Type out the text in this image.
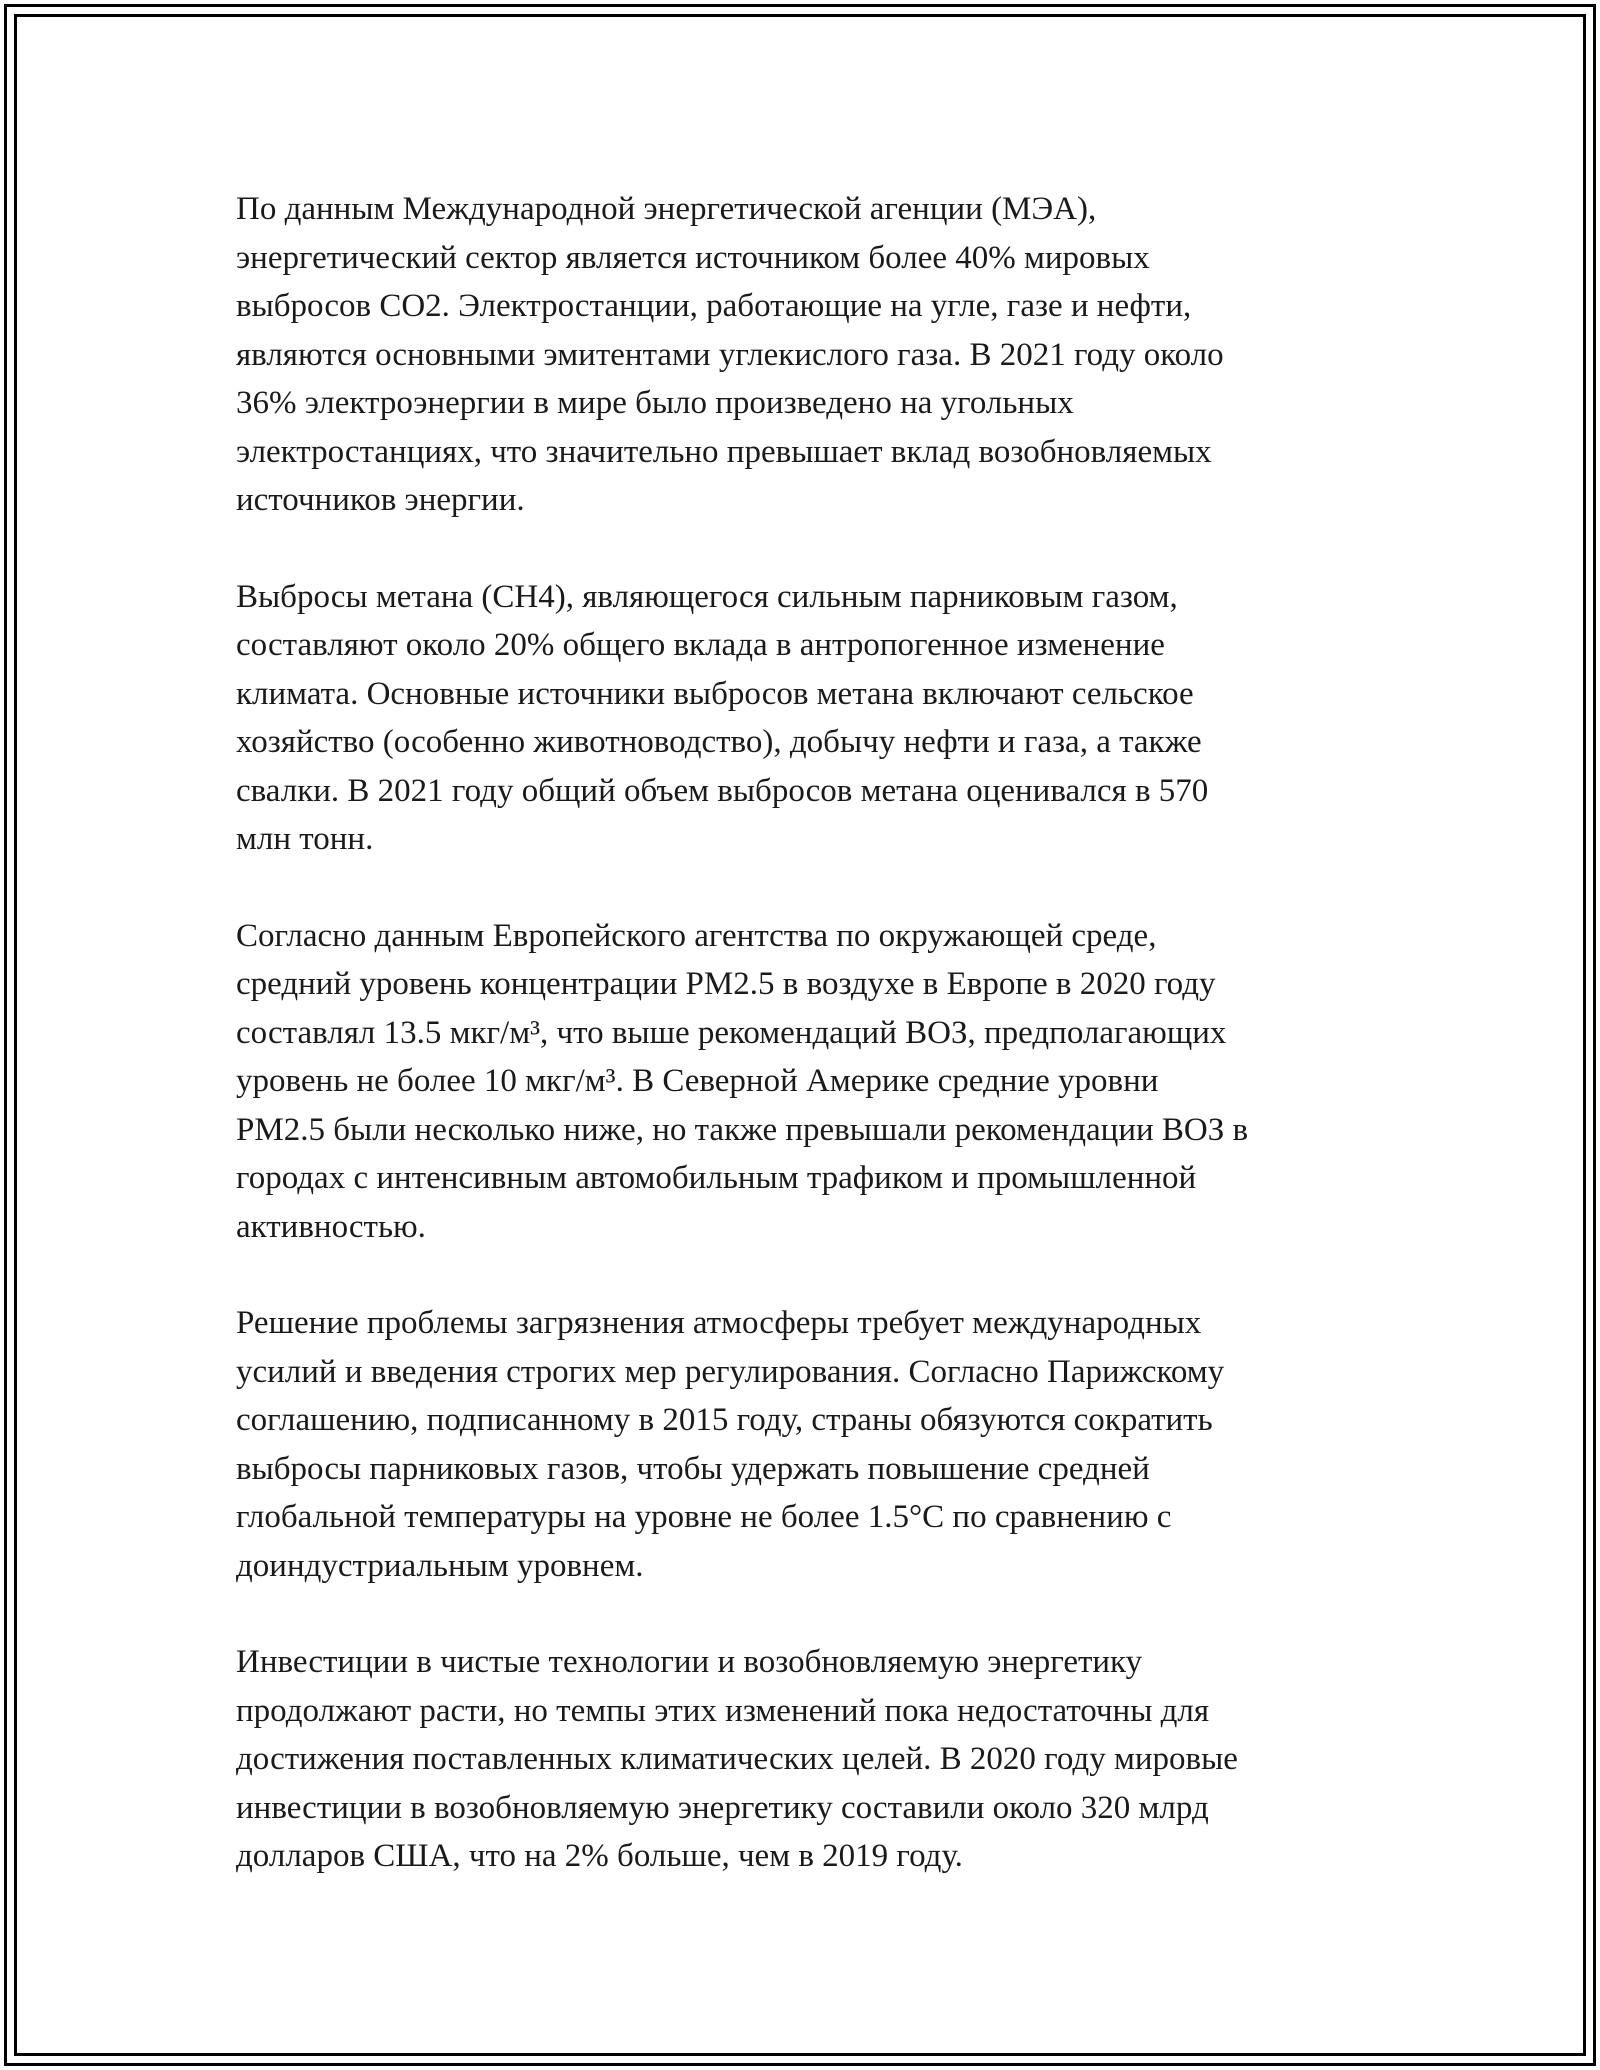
По данным Международной энергетической агенции (МЭА),
энергетический сектор является источником более 40% мировых
выбросов CO2. Электростанции, работающие на угле, газе и нефти,
являются основными эмитентами углекислого газа. В 2021 году около
36% электроэнергии в мире было произведено на угольных
электростанциях, что значительно превышает вклад возобновляемых
источников энергии.

Выбросы метана (CH4), являющегося сильным парниковым газом,
составляют около 20% общего вклада в антропогенное изменение
климата. Основные источники выбросов метана включают сельское
хозяйство (особенно животноводство), добычу нефти и газа, а также
свалки. В 2021 году общий объем выбросов метана оценивался в 570
млн тонн.

Согласно данным Европейского агентства по окружающей среде,
средний уровень концентрации PM2.5 в воздухе в Европе в 2020 году
составлял 13.5 мкг/м³, что выше рекомендаций ВОЗ, предполагающих
уровень не более 10 мкг/м³. В Северной Америке средние уровни
PM2.5 были несколько ниже, но также превышали рекомендации ВОЗ в
городах с интенсивным автомобильным трафиком и промышленной
активностью.

Решение проблемы загрязнения атмосферы требует международных
усилий и введения строгих мер регулирования. Согласно Парижскому
соглашению, подписанному в 2015 году, страны обязуются сократить
выбросы парниковых газов, чтобы удержать повышение средней
глобальной температуры на уровне не более 1.5°C по сравнению с
доиндустриальным уровнем.

Инвестиции в чистые технологии и возобновляемую энергетику
продолжают расти, но темпы этих изменений пока недостаточны для
достижения поставленных климатических целей. В 2020 году мировые
инвестиции в возобновляемую энергетику составили около 320 млрд
долларов США, что на 2% больше, чем в 2019 году.
